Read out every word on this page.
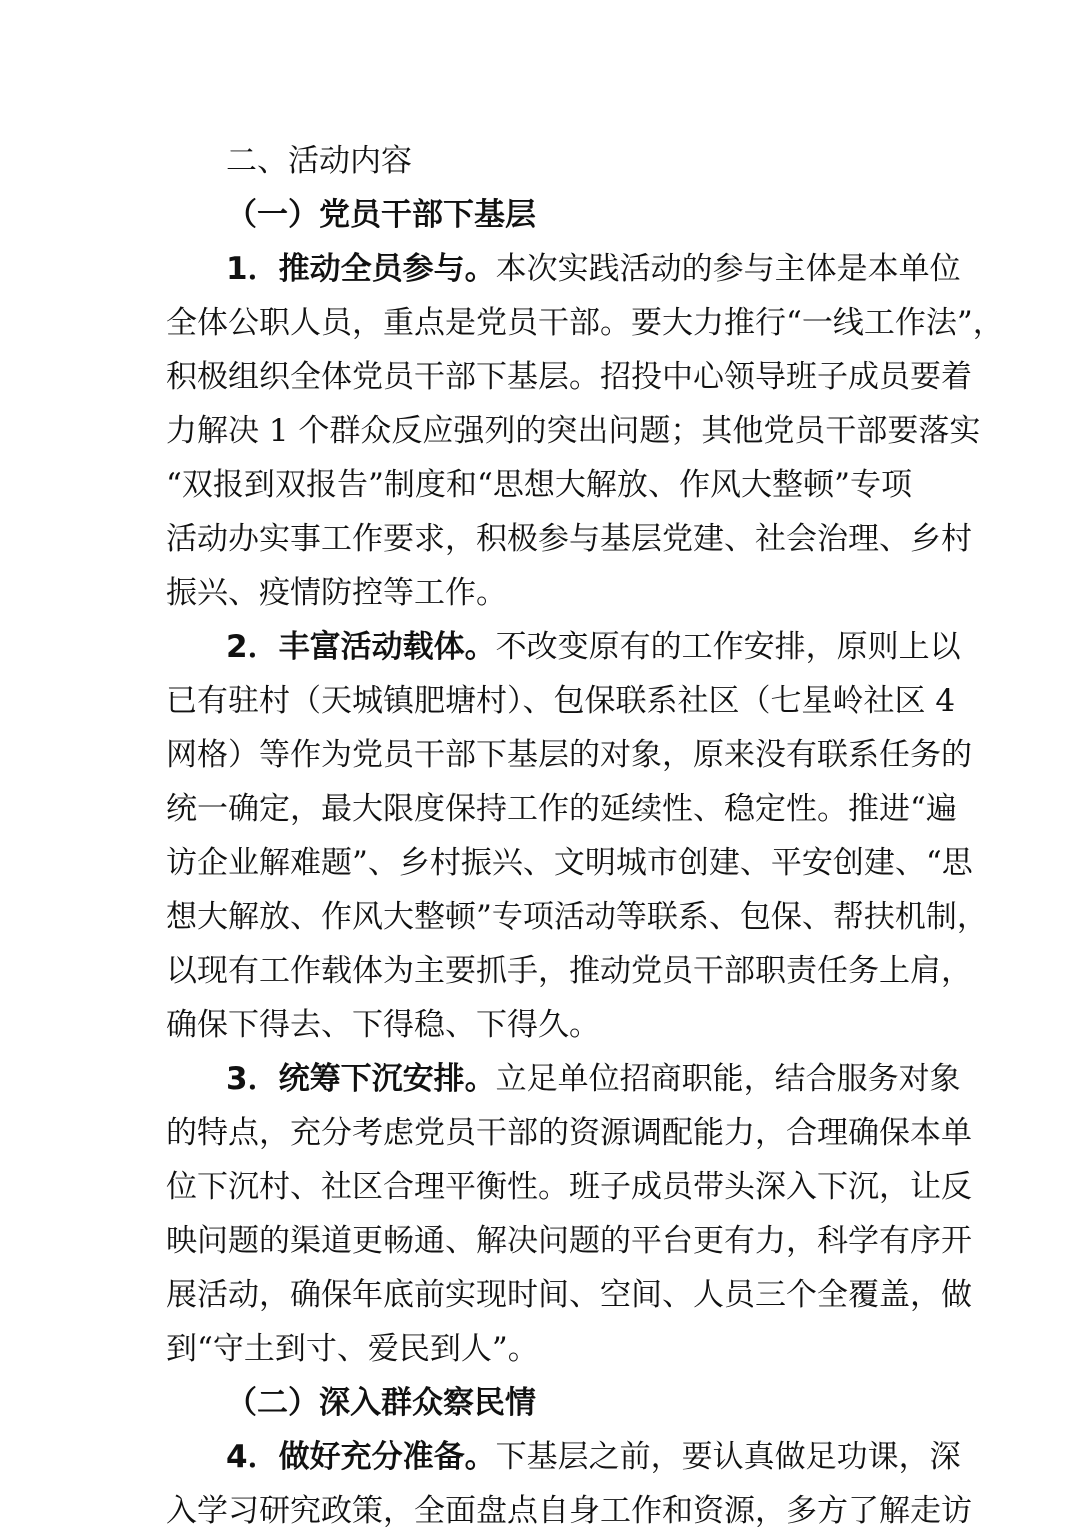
二、活动内容
（一）党员干部下基层
1．推动全员参与。本次实践活动的参与主体是本单位
全体公职人员，重点是党员干部。要大力推行“一线工作法”，
积极组织全体党员干部下基层。招投中心领导班子成员要着
力解决 1 个群众反应强列的突出问题；其他党员干部要落实
“双报到双报告”制度和“思想大解放、作风大整顿”专项
活动办实事工作要求，积极参与基层党建、社会治理、乡村
振兴、疫情防控等工作。
2．丰富活动载体。不改变原有的工作安排，原则上以
已有驻村（天城镇肥塘村）、包保联系社区（七星岭社区 4
网格）等作为党员干部下基层的对象，原来没有联系任务的
统一确定，最大限度保持工作的延续性、稳定性。推进“遍
访企业解难题”、乡村振兴、文明城市创建、平安创建、“思
想大解放、作风大整顿”专项活动等联系、包保、帮扶机制，
以现有工作载体为主要抓手，推动党员干部职责任务上肩，
确保下得去、下得稳、下得久。
3．统筹下沉安排。立足单位招商职能，结合服务对象
的特点，充分考虑党员干部的资源调配能力，合理确保本单
位下沉村、社区合理平衡性。班子成员带头深入下沉，让反
映问题的渠道更畅通、解决问题的平台更有力，科学有序开
展活动，确保年底前实现时间、空间、人员三个全覆盖，做
到“守土到寸、爱民到人”。
（二）深入群众察民情
4．做好充分准备。下基层之前，要认真做足功课，深
入学习研究政策，全面盘点自身工作和资源，多方了解走访
